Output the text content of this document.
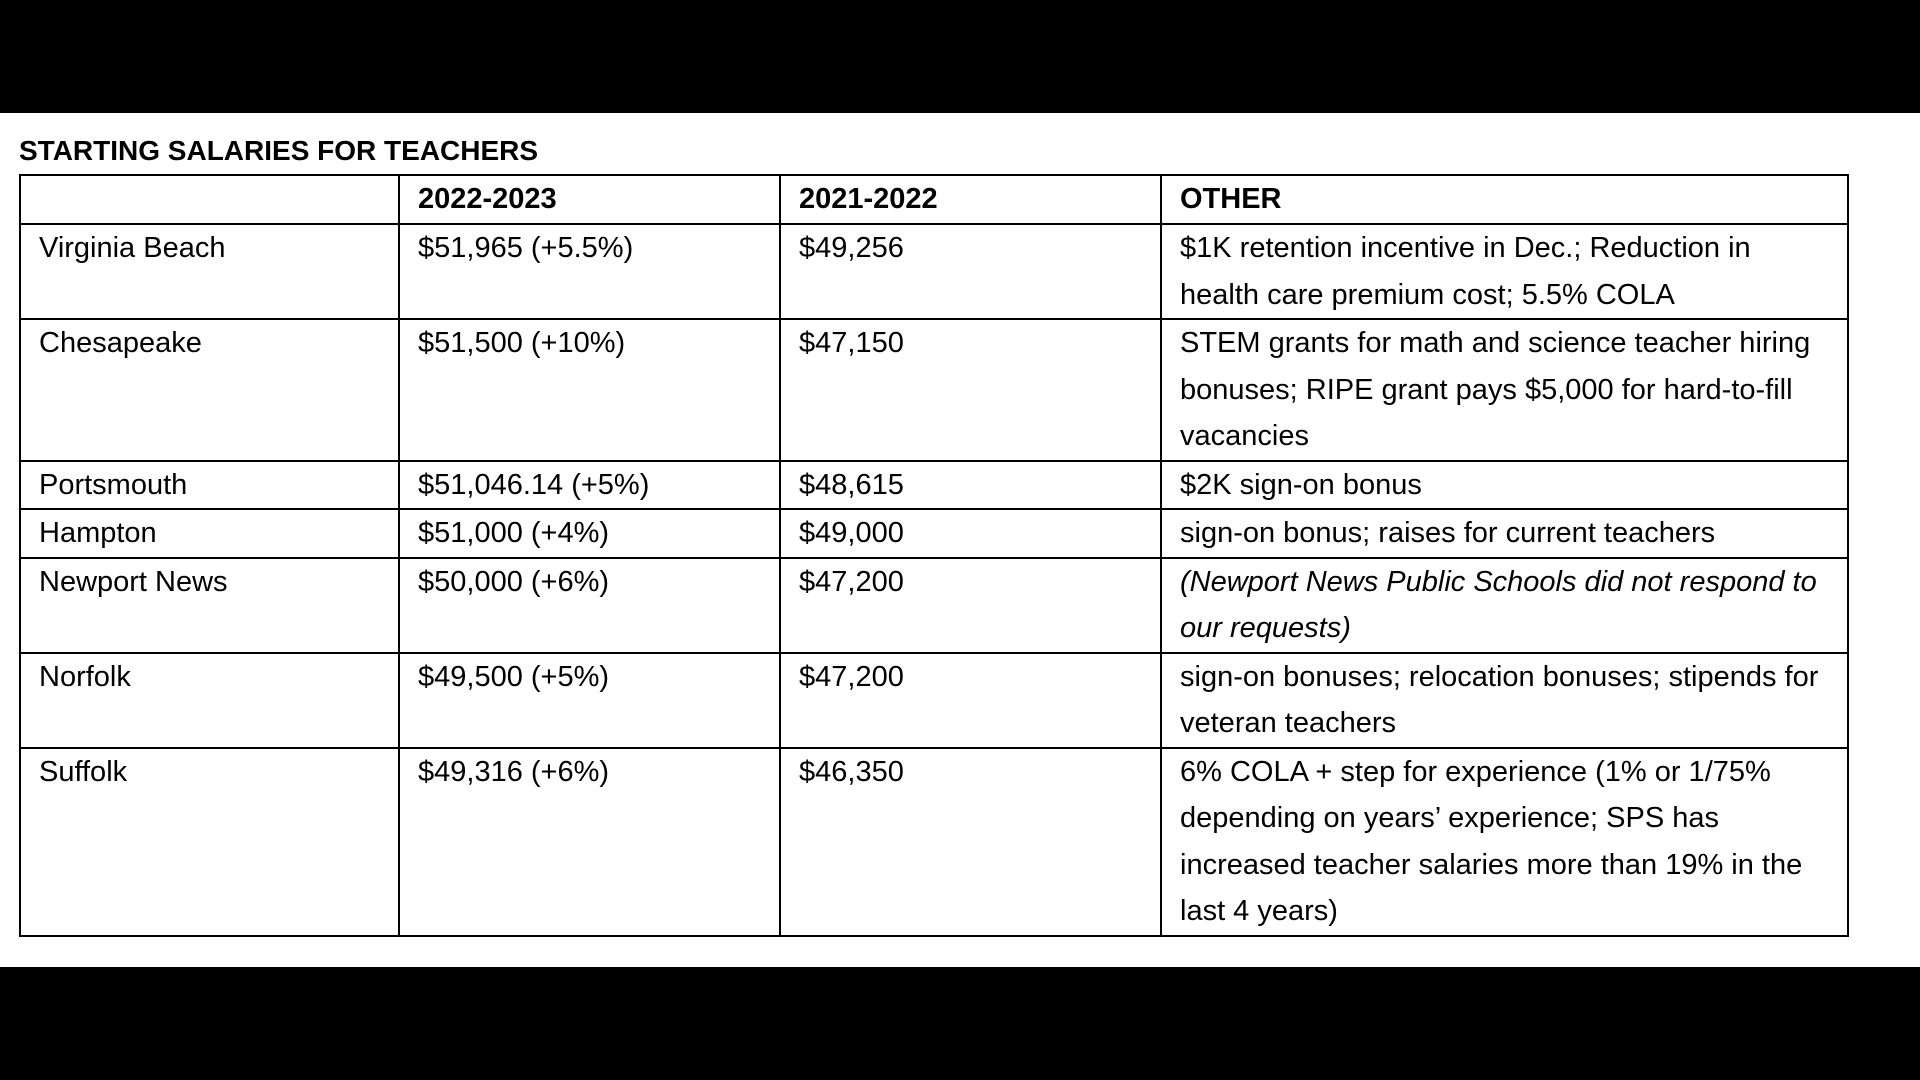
STARTING SALARIES FOR TEACHERS
	2022-2023	2021-2022	OTHER
Virginia Beach	$51,965 (+5.5%)	$49,256	$1K retention incentive in Dec.; Reduction in health care premium cost; 5.5% COLA
Chesapeake	$51,500 (+10%)	$47,150	STEM grants for math and science teacher hiring bonuses; RIPE grant pays $5,000 for hard-to-fill vacancies
Portsmouth	$51,046.14 (+5%)	$48,615	$2K sign-on bonus
Hampton	$51,000 (+4%)	$49,000	sign-on bonus; raises for current teachers
Newport News	$50,000 (+6%)	$47,200	(Newport News Public Schools did not respond to our requests)
Norfolk	$49,500 (+5%)	$47,200	sign-on bonuses; relocation bonuses; stipends for veteran teachers
Suffolk	$49,316 (+6%)	$46,350	6% COLA + step for experience (1% or 1/75% depending on years’ experience; SPS has increased teacher salaries more than 19% in the last 4 years)
